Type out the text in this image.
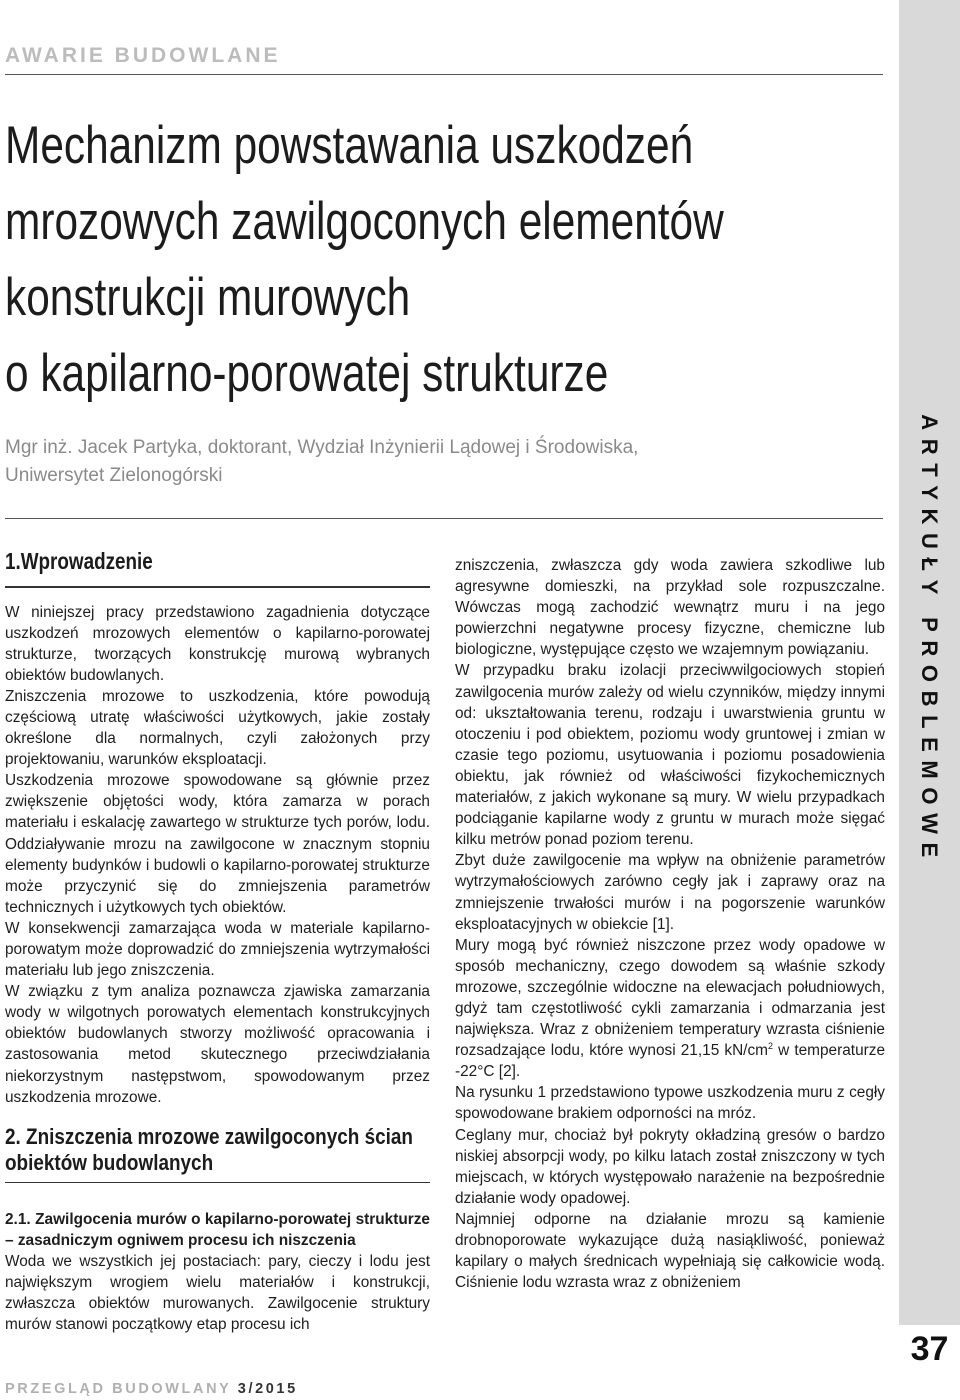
AWARIE BUDOWLANE
Mechanizm powstawania uszkodzeń
mrozowych zawilgoconych elementów
konstrukcji murowych
o kapilarno-porowatej strukturze
Mgr inż. Jacek Partyka, doktorant, Wydział Inżynierii Lądowej i Środowiska,
Uniwersytet Zielonogórski
1.Wprowadzenie

W niniejszej pracy przedstawiono zagadnienia dotyczące uszkodzeń mrozowych elementów o kapilarno-porowatej strukturze, tworzących konstrukcję murową wybranych obiektów budowlanych.

Zniszczenia mrozowe to uszkodzenia, które powodują częściową utratę właściwości użytkowych, jakie zostały określone dla normalnych, czyli założonych przy projektowaniu, warunków eksploatacji.

Uszkodzenia mrozowe spowodowane są głównie przez zwiększenie objętości wody, która zamarza w porach materiału i eskalację zawartego w strukturze tych porów, lodu. Oddziaływanie mrozu na zawilgocone w znacznym stopniu elementy budynków i budowli o kapilarno-porowatej strukturze może przyczynić się do zmniejszenia parametrów technicznych i użytkowych tych obiektów.

W konsekwencji zamarzająca woda w materiale kapilarno-porowatym może doprowadzić do zmniejszenia wytrzymałości materiału lub jego zniszczenia.

W związku z tym analiza poznawcza zjawiska zamarzania wody w wilgotnych porowatych elementach konstrukcyjnych obiektów budowlanych stworzy możliwość opracowania i zastosowania metod skutecznego przeciwdziałania niekorzystnym następstwom, spowodowanym przez uszkodzenia mrozowe.

2. Zniszczenia mrozowe zawilgoconych ścian obiektów budowlanych

2.1. Zawilgocenia murów o kapilarno-porowatej strukturze – zasadniczym ogniwem procesu ich niszczenia

Woda we wszystkich jej postaciach: pary, cieczy i lodu jest największym wrogiem wielu materiałów i konstrukcji, zwłaszcza obiektów murowanych. Zawilgocenie struktury murów stanowi początkowy etap procesu ich

zniszczenia, zwłaszcza gdy woda zawiera szkodliwe lub agresywne domieszki, na przykład sole rozpuszczalne. Wówczas mogą zachodzić wewnątrz muru i na jego powierzchni negatywne procesy fizyczne, chemiczne lub biologiczne, występujące często we wzajemnym powiązaniu.

W przypadku braku izolacji przeciwwilgociowych stopień zawilgocenia murów zależy od wielu czynników, między innymi od: ukształtowania terenu, rodzaju i uwarstwienia gruntu w otoczeniu i pod obiektem, poziomu wody gruntowej i zmian w czasie tego poziomu, usytuowania i poziomu posadowienia obiektu, jak również od właściwości fizykochemicznych materiałów, z jakich wykonane są mury. W wielu przypadkach podciąganie kapilarne wody z gruntu w murach może sięgać kilku metrów ponad poziom terenu.

Zbyt duże zawilgocenie ma wpływ na obniżenie parametrów wytrzymałościowych zarówno cegły jak i zaprawy oraz na zmniejszenie trwałości murów i na pogorszenie warunków eksploatacyjnych w obiekcie [1].

Mury mogą być również niszczone przez wody opadowe w sposób mechaniczny, czego dowodem są właśnie szkody mrozowe, szczególnie widoczne na elewacjach południowych, gdyż tam częstotliwość cykli zamarzania i odmarzania jest największa. Wraz z obniżeniem temperatury wzrasta ciśnienie rozsadzające lodu, które wynosi 21,15 $kN/cm^2$ w temperaturze -22°C [2].

Na rysunku 1 przedstawiono typowe uszkodzenia muru z cegły spowodowane brakiem odporności na mróz.

Ceglany mur, chociaż był pokryty okładziną gresów o bardzo niskiej absorpcji wody, po kilku latach został zniszczony w tych miejscach, w których występowało narażenie na bezpośrednie działanie wody opadowej.

Najmniej odporne na działanie mrozu są kamienie drobnoporowate wykazujące dużą nasiąkliwość, ponieważ kapilary o małych średnicach wypełniają się całkowicie wodą. Ciśnienie lodu wzrasta wraz z obniżeniem

ARTYKUŁY PROBLEMOWE
37
PRZEGLĄD BUDOWLANY 3/2015
